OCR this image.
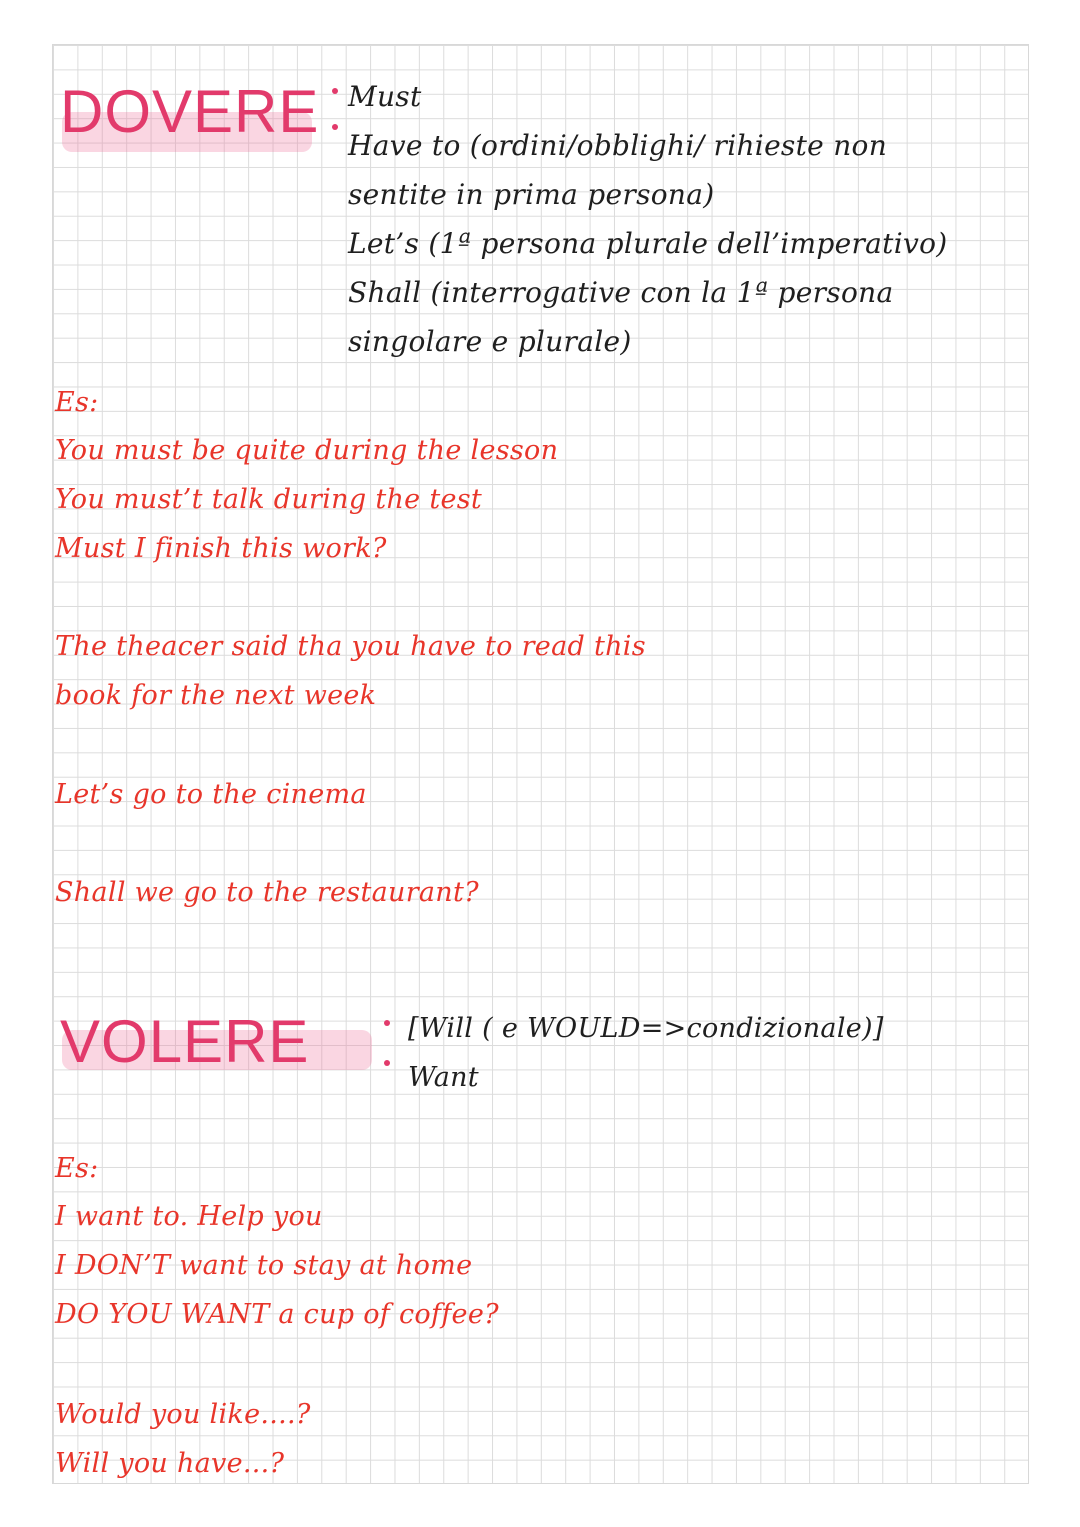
DOVERE Must
Have to (ordini/obblighi/ rihieste non
sentite in prima persona)
Let’s (1ª persona plurale dell’imperativo)
Shall (interrogative con la 1ª persona
singolare e plurale)
Es:
You must be quite during the lesson
You must’t talk during the test
Must I finish this work?
The theacer said tha you have to read this
book for the next week
Let’s go to the cinema
Shall we go to the restaurant?
VOLERE	[Will ( e WOULD=>condizionale)]
Want
Es:
I want to. Help you
I DON’T want to stay at home
DO YOU WANT a cup of coffee?
Would you like....?
Will you have...?
